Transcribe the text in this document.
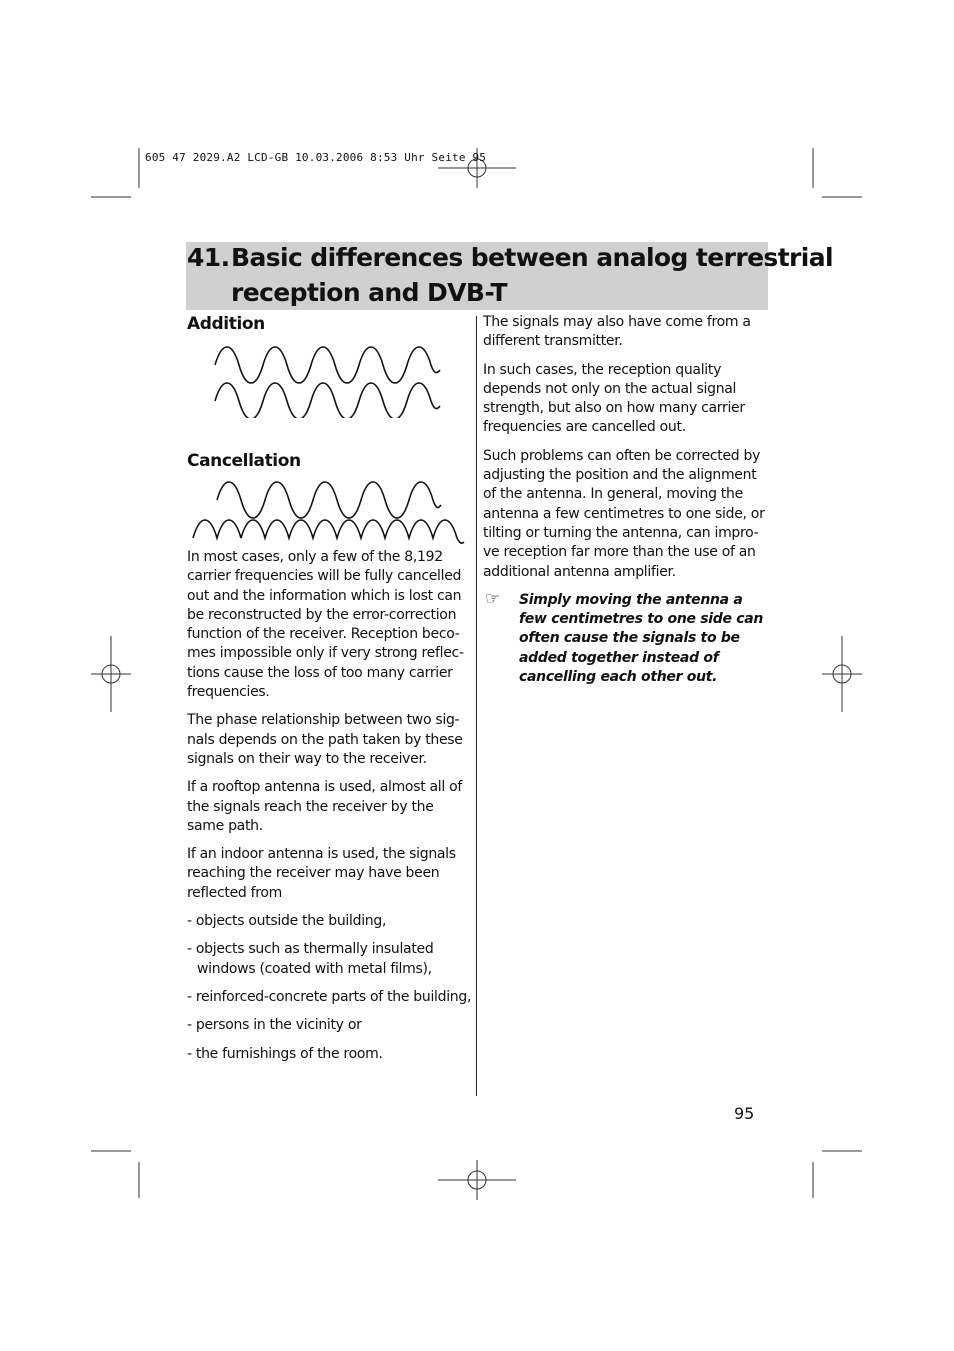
605 47 2029.A2 LCD-GB 10.03.2006 8:53 Uhr Seite 95
41.Basic differences between analog terrestrial
reception and DVB-T
Addition
Cancellation

In most cases, only a few of the 8,192 carrier frequencies will be fully cancelled out and the information which is lost can be reconstructed by the error-correction function of the receiver. Reception beco-mes impossible only if very strong reflec-tions cause the loss of too many carrier frequencies.

The phase relationship between two sig-nals depends on the path taken by these signals on their way to the receiver.

If a rooftop antenna is used, almost all of the signals reach the receiver by the same path.

If an indoor antenna is used, the signals reaching the receiver may have been reflected from

- objects outside the building,

- objects such as thermally insulated windows (coated with metal films),

- reinforced-concrete parts of the building,

- persons in the vicinity or

- the furnishings of the room.

The signals may also have come from a different transmitter.

In such cases, the reception quality depends not only on the actual signal strength, but also on how many carrier frequencies are cancelled out.

Such problems can often be corrected by adjusting the position and the alignment of the antenna. In general, moving the antenna a few centimetres to one side, or tilting or turning the antenna, can impro-ve reception far more than the use of an additional antenna amplifier.

☞ Simply moving the antenna a few centimetres to one side can often cause the signals to be added together instead of cancelling each other out.
95
